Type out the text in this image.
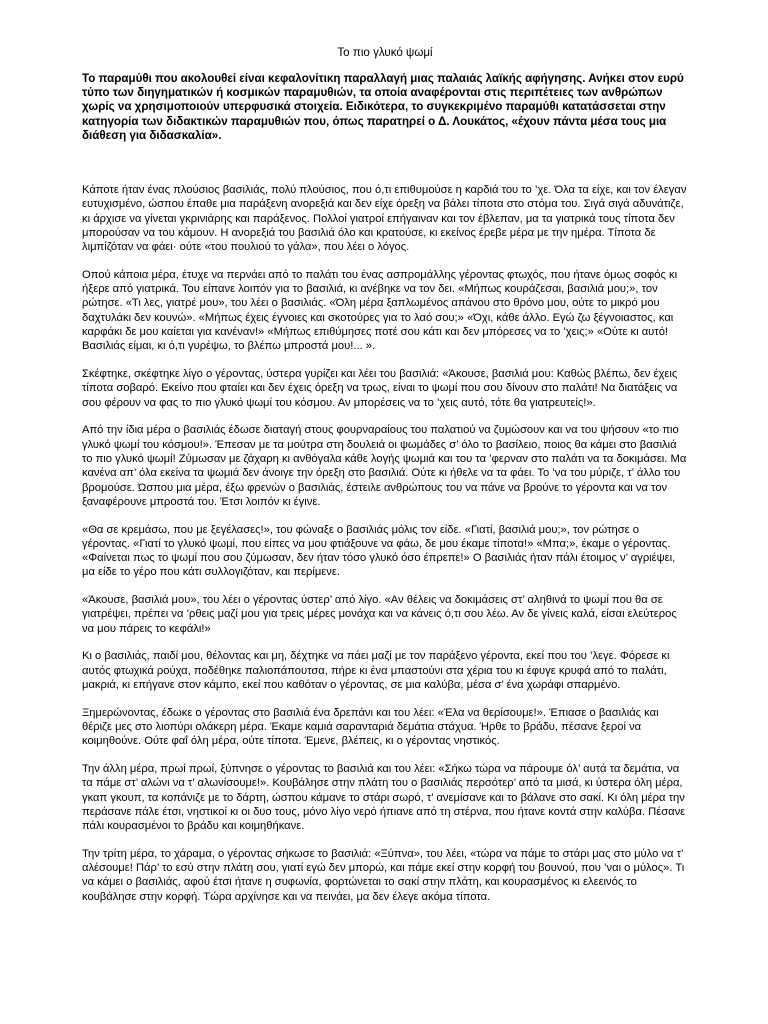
Το πιο γλυκό ψωμί

Το παραμύθι που ακολουθεί είναι κεφαλονίτικη παραλλαγή μιας παλαιάς λαϊκής αφήγησης. Ανήκει στον ευρύ τύπο των διηγηματικών ή κοσμικών παραμυθιών, τα οποία αναφέρονται στις περιπέτειες των ανθρώπων χωρίς να χρησιμοποιούν υπερφυσικά στοιχεία. Ειδικότερα, το συγκεκριμένο παραμύθι κατατάσσεται στην κατηγορία των διδακτικών παραμυθιών που, όπως παρατηρεί ο Δ. Λουκάτος, «έχουν πάντα μέσα τους μια διάθεση για διδασκαλία».

Κάποτε ήταν ένας πλούσιος βασιλιάς, πολύ πλούσιος, που ό,τι επιθυμούσε η καρδιά του το ’χε. Όλα τα είχε, και τον έλεγαν ευτυχισμένο, ώσπου έπαθε μια παράξενη ανορεξιά και δεν είχε όρεξη να βάλει τίποτα στο στόμα του. Σιγά σιγά αδυνάτιζε, κι άρχισε να γίνεται γκρινιάρης και παράξενος. Πολλοί γιατροί επήγαιναν και τον έβλεπαν, μα τα γιατρικά τους τίποτα δεν μπορούσαν να του κάμουν. Η ανορεξιά του βασιλιά όλο και κρατούσε, κι εκείνος έρεβε μέρα με την ημέρα. Τίποτα δε λιμπίζόταν να φάει· ούτε «του πουλιού το γάλα», που λέει ο λόγος.

Οπού κάποια μέρα, έτυχε να περνάει από το παλάτι του ένας ασπρομάλλης γέροντας φτωχός, που ήτανε όμως σοφός κι ήξερε από γιατρικά. Του είπανε λοιπόν για το βασιλιά, κι ανέβηκε να τον δει. «Μήπως κουράζεσαι, βασιλιά μου;», τον ρώτησε. «Τι λες, γιατρέ μου», του λέει ο βασιλιάς. «Όλη μέρα ξαπλωμένος απάνου στο θρόνο μου, ούτε το μικρό μου δαχτυλάκι δεν κουνώ». «Μήπως έχεις έγνοιες και σκοτούρες για το λαό σου;» «Όχι, κάθε άλλο. Εγώ ζω ξέγνοιαστος, και καρφάκι δε μου καίεται για κανέναν!» «Μήπως επιθύμησες ποτέ σου κάτι και δεν μπόρεσες να το ’χεις;» «Ούτε κι αυτό! Βασιλιάς είμαι, κι ό,τι γυρέψω, το βλέπω μπροστά μου!... ».

Σκέφτηκε, σκέφτηκε λίγο ο γέροντας, ύστερα γυρίζει και λέει του βασιλιά: «Άκουσε, βασιλιά μου: Καθώς βλέπω, δεν έχεις τίποτα σοβαρό. Εκείνο που φταίει και δεν έχεις όρεξη να τρως, είναι το ψωμί που σου δίνουν στο παλάτι! Να διατάξεις να σου φέρουν να φας το πιο γλυκό ψωμί του κόσμου. Αν μπορέσεις να το ’χεις αυτό, τότε θα γιατρευτείς!».

Από την ίδια μέρα ο βασιλιάς έδωσε διαταγή στους φουρναραίους του παλατιού να ζυμώσουν και να του ψήσουν «το πιο γλυκό ψωμί του κόσμου!». Έπεσαν με τα μούτρα στη δουλειά οι ψωμάδες σ’ όλο το βασίλειο, ποιος θα κάμει στο βασιλιά το πιο γλυκό ψωμί! Ζύμωσαν με ζάχαρη κι ανθόγαλα κάθε λογής ψωμιά και του τα ’φερναν στο παλάτι να τα δοκιμάσει. Μα κανένα απ’ όλα εκείνα τα ψωμιά δεν άνοιγε την όρεξη στο βασιλιά. Ούτε κι ήθελε να τα φάει. Το ’να του μύριζε, τ’ άλλο του βρομούσε. Ώσπου μια μέρα, έξω φρενών ο βασιλιάς, έστειλε ανθρώπους του να πάνε να βρούνε το γέροντα και να τον ξαναφέρουνε μπροστά του. Έτσι λοιπόν κι έγινε.

«Θα σε κρεμάσω, που με ξεγέλασες!», του φώναξε ο βασιλιάς μόλις τον είδε. «Γιατί, βασιλιά μου;», τον ρώτησε ο γέροντας. «Γιατί το γλυκό ψωμί, που είπες να μου φτιάξουνε να φάω, δε μου έκαμε τίποτα!» «Μπα;», έκαμε ο γέροντας. «Φαίνεται πως το ψωμί που σου ζύμωσαν, δεν ήταν τόσο γλυκό όσο έπρεπε!» Ο βασιλιάς ήταν πάλι έτοιμος ν’ αγριέψει, μα είδε το γέρο που κάτι συλλογιζόταν, και περίμενε.

«Άκουσε, βασιλιά μου», του λέει ο γέροντας ύστερ’ από λίγο. «Αν θέλεις να δοκιμάσεις στ’ αληθινά το ψωμί που θα σε γιατρέψει, πρέπει να ’ρθεις μαζί μου για τρεις μέρες μονάχα και να κάνεις ό,τι σου λέω. Αν δε γίνεις καλά, είσαι ελεύτερος να μου πάρεις το κεφάλι!»

Κι ο βασιλιάς, παιδί μου, θέλοντας και μη, δέχτηκε να πάει μαζί με τον παράξενο γέροντα, εκεί που του ’λεγε. Φόρεσε κι αυτός φτωχικά ρούχα, ποδέθηκε παλιοπάπουτσα, πήρε κι ένα μπαστούνι στα χέρια του κι έφυγε κρυφά από το παλάτι, μακριά, κι επήγανε στον κάμπο, εκεί που καθόταν ο γέροντας, σε μια καλύβα, μέσα σ’ ένα χωράφι σπαρμένο.

Ξημερώνοντας, έδωκε ο γέροντας στο βασιλιά ένα δρεπάνι και του λέει: «Έλα να θερίσουμε!». Έπιασε ο βασιλιάς και θέριζε μες στο λιοπύρι ολάκερη μέρα. Έκαμε καμιά σαρανταριά δεμάτια στάχυα. Ήρθε το βράδυ, πέσανε ξεροί να κοιμηθούνε. Ούτε φαΐ όλη μέρα, ούτε τίποτα. Έμενε, βλέπεις, κι ο γέροντας νηστικός.

Την άλλη μέρα, πρωί πρωί, ξύπνησε ο γέροντας το βασιλιά και του λέει: «Σήκω τώρα να πάρουμε όλ’ αυτά τα δεμάτια, να τα πάμε στ’ αλώνι να τ’ αλωνίσουμε!». Κουβάλησε στην πλάτη του ο βασιλιάς περσότερ’ από τα μισά, κι ύστερα όλη μέρα, γκαπ γκουπ, τα κοπάνιζε με το δάρτη, ώσπου κάμανε το στάρι σωρό, τ’ ανεμίσανε και το βάλανε στο σακί. Κι όλη μέρα την περάσανε πάλε έτσι, νηστικοί κι οι δυο τους, μόνο λίγο νερό ήπιανε από τη στέρνα, που ήτανε κοντά στην καλύβα. Πέσανε πάλι κουρασμένοι το βράδυ και κοιμηθήκανε.

Την τρίτη μέρα, το χάραμα, ο γέροντας σήκωσε το βασιλιά: «Ξύπνα», του λέει, «τώρα να πάμε το στάρι μας στο μύλο να τ’ αλέσουμε! Πάρ’ το εσύ στην πλάτη σου, γιατί εγώ δεν μπορώ, και πάμε εκεί στην κορφή του βουνού, που ’ναι ο μύλος». Τι να κάμει ο βασιλιάς, αφού έτσι ήτανε η συφωνία, φορτώνεται το σακί στην πλάτη, και κουρασμένος κι ελεεινός το κουβάλησε στην κορφή. Τώρα αρχίνησε και να πεινάει, μα δεν έλεγε ακόμα τίποτα.
